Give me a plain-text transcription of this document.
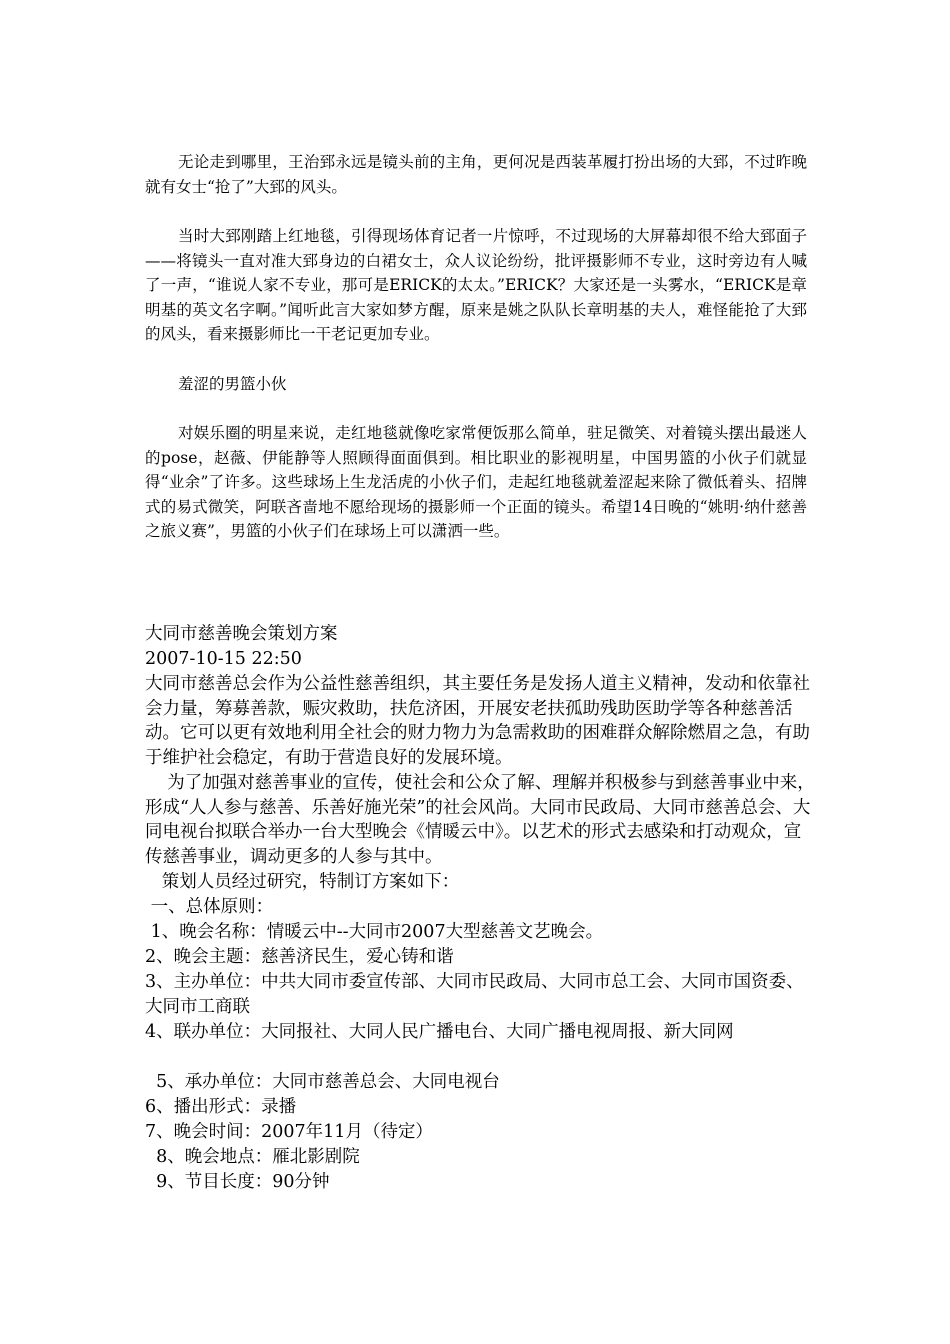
无论走到哪里，王治郅永远是镜头前的主角，更何况是西装革履打扮出场的大郅，不过昨晚就有女士“抢了”大郅的风头。

当时大郅刚踏上红地毯，引得现场体育记者一片惊呼，不过现场的大屏幕却很不给大郅面子——将镜头一直对准大郅身边的白裙女士，众人议论纷纷，批评摄影师不专业，这时旁边有人喊了一声，“谁说人家不专业，那可是ERICK的太太。”ERICK？大家还是一头雾水，“ERICK是章明基的英文名字啊。”闻听此言大家如梦方醒，原来是姚之队队长章明基的夫人，难怪能抢了大郅的风头，看来摄影师比一干老记更加专业。

羞涩的男篮小伙

对娱乐圈的明星来说，走红地毯就像吃家常便饭那么简单，驻足微笑、对着镜头摆出最迷人的pose，赵薇、伊能静等人照顾得面面俱到。相比职业的影视明星，中国男篮的小伙子们就显得“业余”了许多。这些球场上生龙活虎的小伙子们，走起红地毯就羞涩起来除了微低着头、招牌式的易式微笑，阿联吝啬地不愿给现场的摄影师一个正面的镜头。希望14日晚的“姚明·纳什慈善之旅义赛”，男篮的小伙子们在球场上可以潇洒一些。

大同市慈善晚会策划方案

2007-10-15 22:50

大同市慈善总会作为公益性慈善组织，其主要任务是发扬人道主义精神，发动和依靠社会力量，筹募善款，赈灾救助，扶危济困，开展安老扶孤助残助医助学等各种慈善活动。它可以更有效地利用全社会的财力物力为急需救助的困难群众解除燃眉之急，有助于维护社会稳定，有助于营造良好的发展环境。

为了加强对慈善事业的宣传，使社会和公众了解、理解并积极参与到慈善事业中来，形成“人人参与慈善、乐善好施光荣”的社会风尚。大同市民政局、大同市慈善总会、大同电视台拟联合举办一台大型晚会《情暖云中》。以艺术的形式去感染和打动观众，宣传慈善事业，调动更多的人参与其中。

策划人员经过研究，特制订方案如下：

一、总体原则：

1、晚会名称：情暖云中--大同市2007大型慈善文艺晚会。

2、晚会主题：慈善济民生，爱心铸和谐

3、主办单位：中共大同市委宣传部、大同市民政局、大同市总工会、大同市国资委、大同市工商联

4、联办单位：大同报社、大同人民广播电台、大同广播电视周报、新大同网

5、承办单位：大同市慈善总会、大同电视台

6、播出形式：录播

7、晚会时间：2007年11月（待定）

8、晚会地点：雁北影剧院

9、节目长度：90分钟
